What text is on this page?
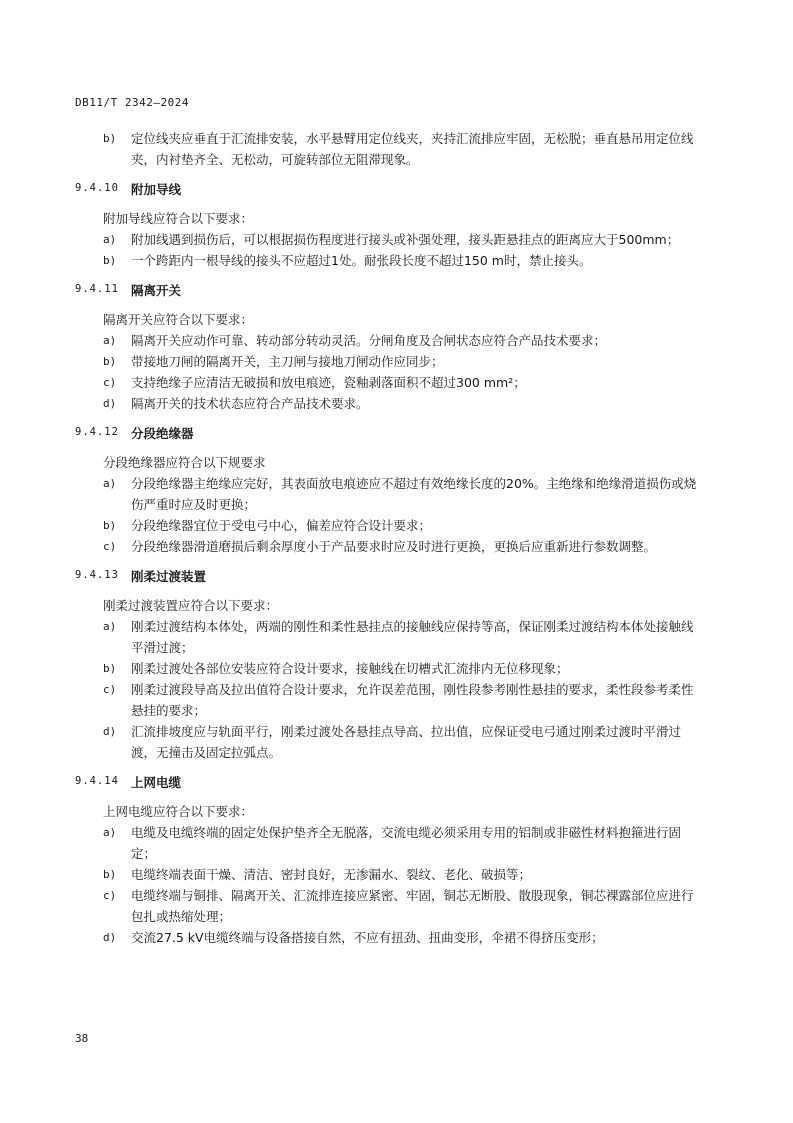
DB11/T 2342—2024
b) 定位线夹应垂直于汇流排安装，水平悬臂用定位线夹，夹持汇流排应牢固，无松脱；垂直悬吊用定位线夹，内衬垫齐全、无松动，可旋转部位无阻滞现象。
9.4.10 附加导线
附加导线应符合以下要求：
a) 附加线遇到损伤后，可以根据损伤程度进行接头或补强处理，接头距悬挂点的距离应大于500mm；
b) 一个跨距内一根导线的接头不应超过1处。耐张段长度不超过150 m时，禁止接头。
9.4.11 隔离开关
隔离开关应符合以下要求：
a) 隔离开关应动作可靠、转动部分转动灵活。分闸角度及合闸状态应符合产品技术要求；
b) 带接地刀闸的隔离开关，主刀闸与接地刀闸动作应同步；
c) 支持绝缘子应清洁无破损和放电痕迹，瓷釉剥落面积不超过300 mm²；
d) 隔离开关的技术状态应符合产品技术要求。
9.4.12 分段绝缘器
分段绝缘器应符合以下规要求
a) 分段绝缘器主绝缘应完好，其表面放电痕迹应不超过有效绝缘长度的20%。主绝缘和绝缘滑道损伤或烧伤严重时应及时更换；
b) 分段绝缘器宜位于受电弓中心，偏差应符合设计要求；
c) 分段绝缘器滑道磨损后剩余厚度小于产品要求时应及时进行更换，更换后应重新进行参数调整。
9.4.13 刚柔过渡装置
刚柔过渡装置应符合以下要求：
a) 刚柔过渡结构本体处，两端的刚性和柔性悬挂点的接触线应保持等高，保证刚柔过渡结构本体处接触线平滑过渡；
b) 刚柔过渡处各部位安装应符合设计要求，接触线在切槽式汇流排内无位移现象；
c) 刚柔过渡段导高及拉出值符合设计要求，允许误差范围，刚性段参考刚性悬挂的要求，柔性段参考柔性悬挂的要求；
d) 汇流排坡度应与轨面平行，刚柔过渡处各悬挂点导高、拉出值，应保证受电弓通过刚柔过渡时平滑过渡，无撞击及固定拉弧点。
9.4.14 上网电缆
上网电缆应符合以下要求：
a) 电缆及电缆终端的固定处保护垫齐全无脱落，交流电缆必须采用专用的铝制或非磁性材料抱箍进行固定；
b) 电缆终端表面干燥、清洁、密封良好，无渗漏水、裂纹、老化、破损等；
c) 电缆终端与铜排、隔离开关、汇流排连接应紧密、牢固，铜芯无断股、散股现象，铜芯裸露部位应进行包扎或热缩处理；
d) 交流27.5 kV电缆终端与设备搭接自然，不应有扭劲、扭曲变形，伞裙不得挤压变形；
38
